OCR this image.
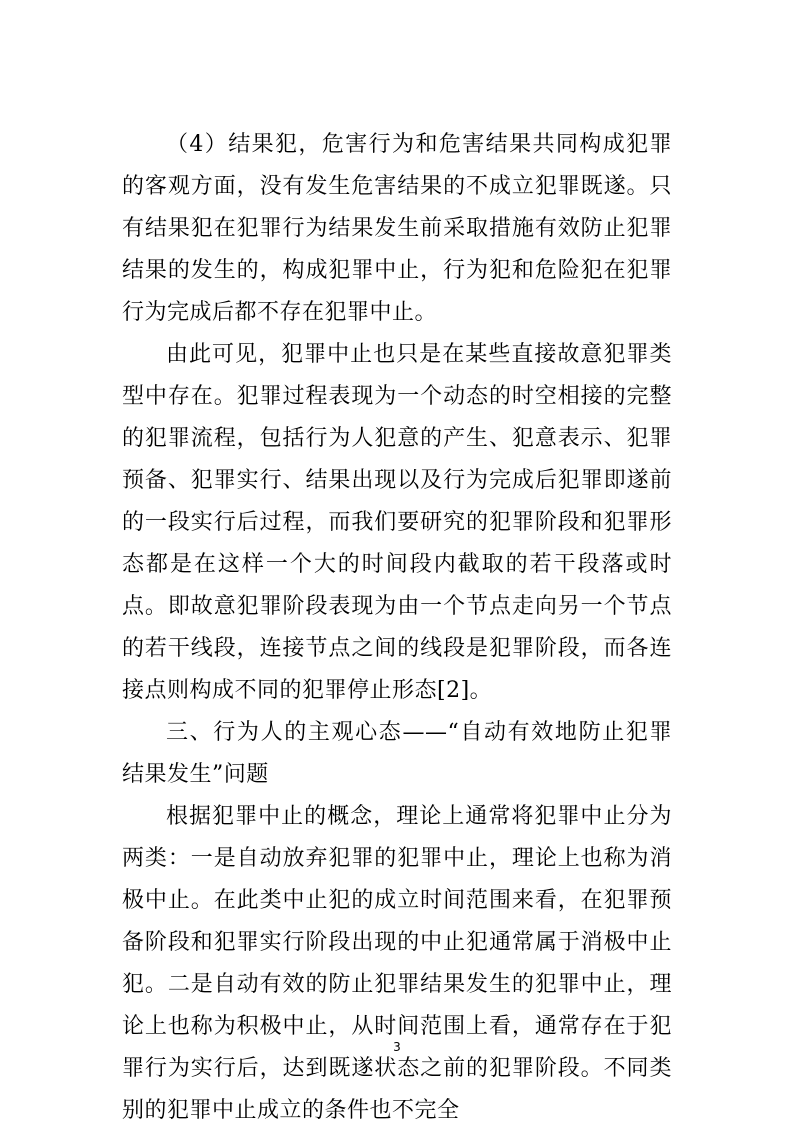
（4）结果犯，危害行为和危害结果共同构成犯罪的客观方面，没有发生危害结果的不成立犯罪既遂。只有结果犯在犯罪行为结果发生前采取措施有效防止犯罪结果的发生的，构成犯罪中止，行为犯和危险犯在犯罪行为完成后都不存在犯罪中止。

由此可见，犯罪中止也只是在某些直接故意犯罪类型中存在。犯罪过程表现为一个动态的时空相接的完整的犯罪流程，包括行为人犯意的产生、犯意表示、犯罪预备、犯罪实行、结果出现以及行为完成后犯罪即遂前的一段实行后过程，而我们要研究的犯罪阶段和犯罪形态都是在这样一个大的时间段内截取的若干段落或时点。即故意犯罪阶段表现为由一个节点走向另一个节点的若干线段，连接节点之间的线段是犯罪阶段，而各连接点则构成不同的犯罪停止形态[2]。

三、行为人的主观心态——“自动有效地防止犯罪结果发生”问题

根据犯罪中止的概念，理论上通常将犯罪中止分为两类：一是自动放弃犯罪的犯罪中止，理论上也称为消极中止。在此类中止犯的成立时间范围来看，在犯罪预备阶段和犯罪实行阶段出现的中止犯通常属于消极中止犯。二是自动有效的防止犯罪结果发生的犯罪中止，理论上也称为积极中止，从时间范围上看，通常存在于犯罪行为实行后，达到既遂状态之前的犯罪阶段。不同类别的犯罪中止成立的条件也不完全

3
